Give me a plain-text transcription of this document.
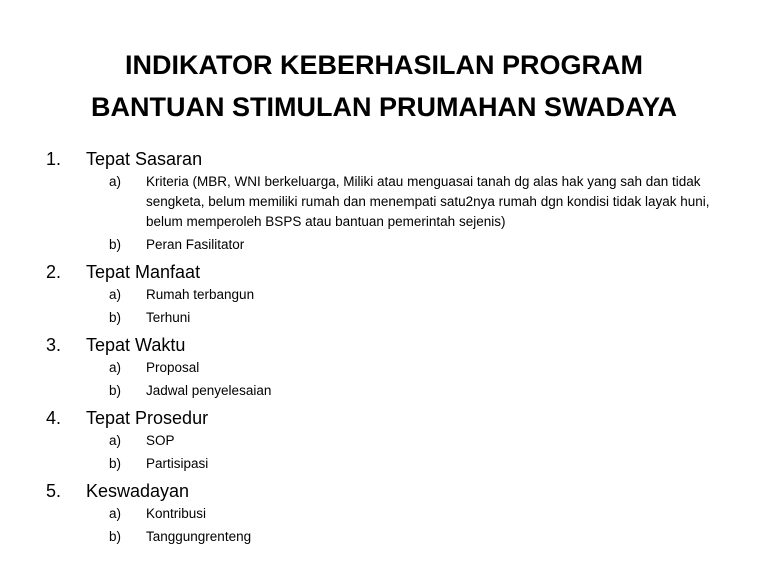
INDIKATOR KEBERHASILAN PROGRAM
BANTUAN STIMULAN PRUMAHAN SWADAYA
1.	Tepat Sasaran
a)	Kriteria (MBR, WNI berkeluarga, Miliki atau menguasai tanah dg alas hak yang sah dan tidak sengketa, belum memiliki rumah dan menempati satu2nya rumah dgn kondisi tidak layak huni, belum memperoleh BSPS atau bantuan pemerintah sejenis)
b)	Peran Fasilitator
2.	Tepat Manfaat
a)	Rumah terbangun
b)	Terhuni
3.	Tepat Waktu
a)	Proposal
b)	Jadwal penyelesaian
4.	Tepat Prosedur
a)	SOP
b)	Partisipasi
5.	Keswadayan
a)	Kontribusi
b)	Tanggungrenteng
